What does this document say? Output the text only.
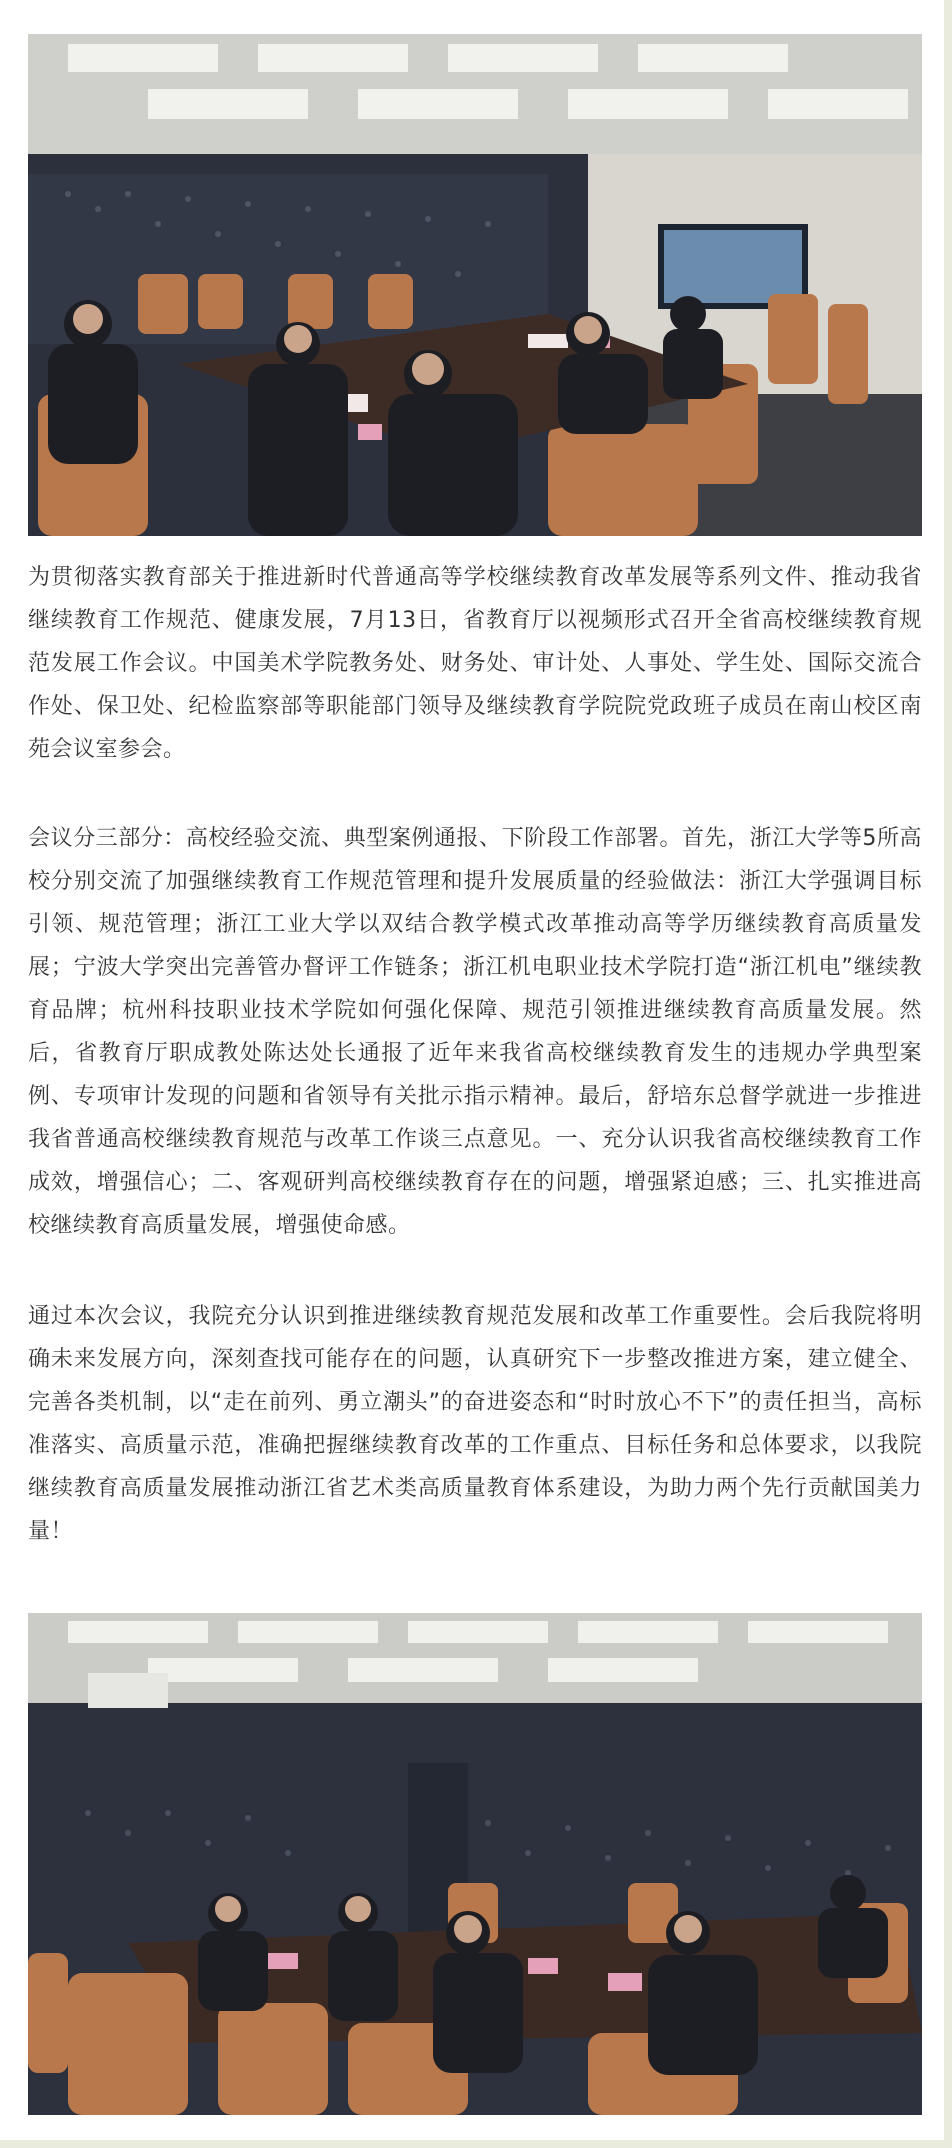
为贯彻落实教育部关于推进新时代普通高等学校继续教育改革发展等系列文件、推动我省继续教育工作规范、健康发展，7月13日，省教育厅以视频形式召开全省高校继续教育规范发展工作会议。中国美术学院教务处、财务处、审计处、人事处、学生处、国际交流合作处、保卫处、纪检监察部等职能部门领导及继续教育学院院党政班子成员在南山校区南苑会议室参会。

会议分三部分：高校经验交流、典型案例通报、下阶段工作部署。首先，浙江大学等5所高校分别交流了加强继续教育工作规范管理和提升发展质量的经验做法：浙江大学强调目标引领、规范管理；浙江工业大学以双结合教学模式改革推动高等学历继续教育高质量发展；宁波大学突出完善管办督评工作链条；浙江机电职业技术学院打造“浙江机电”继续教育品牌；杭州科技职业技术学院如何强化保障、规范引领推进继续教育高质量发展。然后，省教育厅职成教处陈达处长通报了近年来我省高校继续教育发生的违规办学典型案例、专项审计发现的问题和省领导有关批示指示精神。最后，舒培东总督学就进一步推进我省普通高校继续教育规范与改革工作谈三点意见。一、充分认识我省高校继续教育工作成效，增强信心；二、客观研判高校继续教育存在的问题，增强紧迫感；三、扎实推进高校继续教育高质量发展，增强使命感。

通过本次会议，我院充分认识到推进继续教育规范发展和改革工作重要性。会后我院将明确未来发展方向，深刻查找可能存在的问题，认真研究下一步整改推进方案，建立健全、完善各类机制，以“走在前列、勇立潮头”的奋进姿态和“时时放心不下”的责任担当，高标准落实、高质量示范，准确把握继续教育改革的工作重点、目标任务和总体要求，以我院继续教育高质量发展推动浙江省艺术类高质量教育体系建设，为助力两个先行贡献国美力量！
